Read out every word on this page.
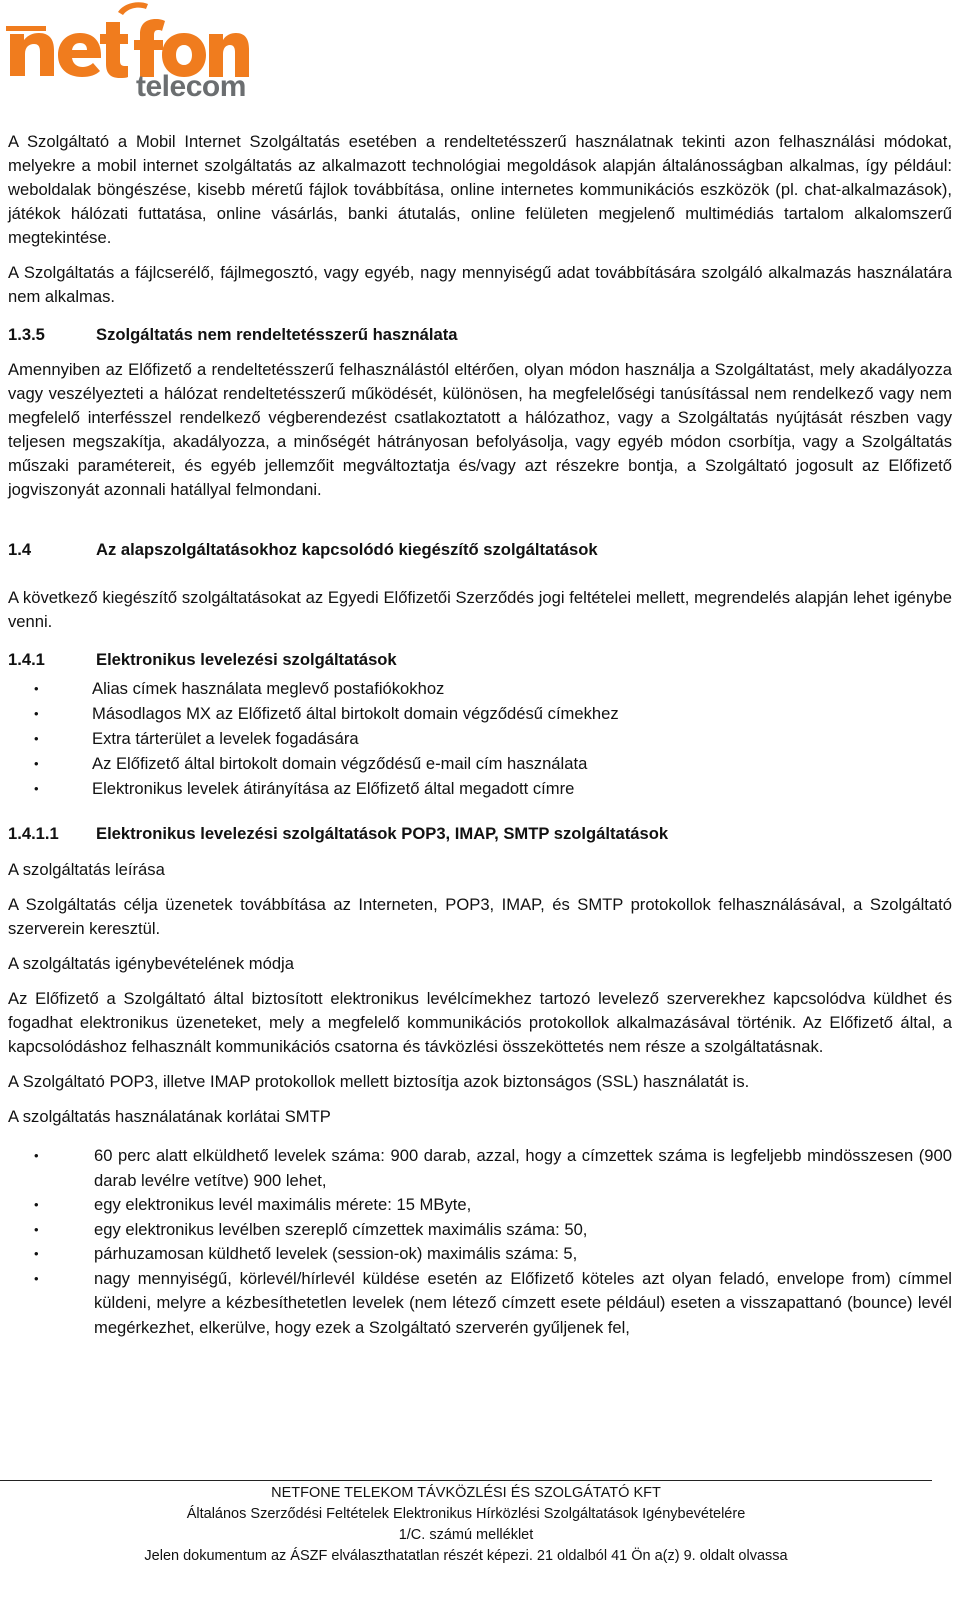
telecom

A Szolgáltató a Mobil Internet Szolgáltatás esetében a rendeltetésszerű használatnak tekinti azon felhasználási módokat, melyekre a mobil internet szolgáltatás az alkalmazott technológiai megoldások alapján általánosságban alkalmas, így például: weboldalak böngészése, kisebb méretű fájlok továbbítása, online internetes kommunikációs eszközök (pl. chat-alkalmazások), játékok hálózati futtatása, online vásárlás, banki átutalás, online felületen megjelenő multimédiás tartalom alkalomszerű megtekintése.

A Szolgáltatás a fájlcserélő, fájlmegosztó, vagy egyéb, nagy mennyiségű adat továbbítására szolgáló alkalmazás használatára nem alkalmas.

1.3.5	Szolgáltatás nem rendeltetésszerű használata

Amennyiben az Előfizető a rendeltetésszerű felhasználástól eltérően, olyan módon használja a Szolgáltatást, mely akadályozza vagy veszélyezteti a hálózat rendeltetésszerű működését, különösen, ha megfelelőségi tanúsítással nem rendelkező vagy nem megfelelő interfésszel rendelkező végberendezést csatlakoztatott a hálózathoz, vagy a Szolgáltatás nyújtását részben vagy teljesen megszakítja, akadályozza, a minőségét hátrányosan befolyásolja, vagy egyéb módon csorbítja, vagy a Szolgáltatás műszaki paramétereit, és egyéb jellemzőit megváltoztatja és/vagy azt részekre bontja, a Szolgáltató jogosult az Előfizető jogviszonyát azonnali hatállyal felmondani.

1.4	Az alapszolgáltatásokhoz kapcsolódó kiegészítő szolgáltatások

A következő kiegészítő szolgáltatásokat az Egyedi Előfizetői Szerződés jogi feltételei mellett, megrendelés alapján lehet igénybe venni.

1.4.1	Elektronikus levelezési szolgáltatások
•	Alias címek használata meglevő postafiókokhoz
•	Másodlagos MX az Előfizető által birtokolt domain végződésű címekhez
•	Extra tárterület a levelek fogadására
•	Az Előfizető által birtokolt domain végződésű e-mail cím használata
•	Elektronikus levelek átirányítása az Előfizető által megadott címre
1.4.1.1	Elektronikus levelezési szolgáltatások POP3, IMAP, SMTP szolgáltatások

A szolgáltatás leírása

A Szolgáltatás célja üzenetek továbbítása az Interneten, POP3, IMAP, és SMTP protokollok felhasználásával, a Szolgáltató szerverein keresztül.

A szolgáltatás igénybevételének módja

Az Előfizető a Szolgáltató által biztosított elektronikus levélcímekhez tartozó levelező szerverekhez kapcsolódva küldhet és fogadhat elektronikus üzeneteket, mely a megfelelő kommunikációs protokollok alkalmazásával történik. Az Előfizető által, a kapcsolódáshoz felhasznált kommunikációs csatorna és távközlési összeköttetés nem része a szolgáltatásnak.

A Szolgáltató POP3, illetve IMAP protokollok mellett biztosítja azok biztonságos (SSL) használatát is.

A szolgáltatás használatának korlátai SMTP

•	60 perc alatt elküldhető levelek száma: 900 darab, azzal, hogy a címzettek száma is legfeljebb mindösszesen (900 darab levélre vetítve) 900 lehet,
•	egy elektronikus levél maximális mérete: 15 MByte,
•	egy elektronikus levélben szereplő címzettek maximális száma: 50,
•	párhuzamosan küldhető levelek (session-ok) maximális száma: 5,
•	nagy mennyiségű, körlevél/hírlevél küldése esetén az Előfizető köteles azt olyan feladó, envelope from) címmel küldeni, melyre a kézbesíthetetlen levelek (nem létező címzett esete például) eseten a visszapattanó (bounce) levél megérkezhet, elkerülve, hogy ezek a Szolgáltató szerverén gyűljenek fel,
NETFONE TELEKOM TÁVKÖZLÉSI ÉS SZOLGÁTATÓ KFT
Általános Szerződési Feltételek Elektronikus Hírközlési Szolgáltatások Igénybevételére
1/C. számú melléklet
Jelen dokumentum az ÁSZF elválaszthatatlan részét képezi. 21 oldalból 41 Ön a(z) 9. oldalt olvassa
